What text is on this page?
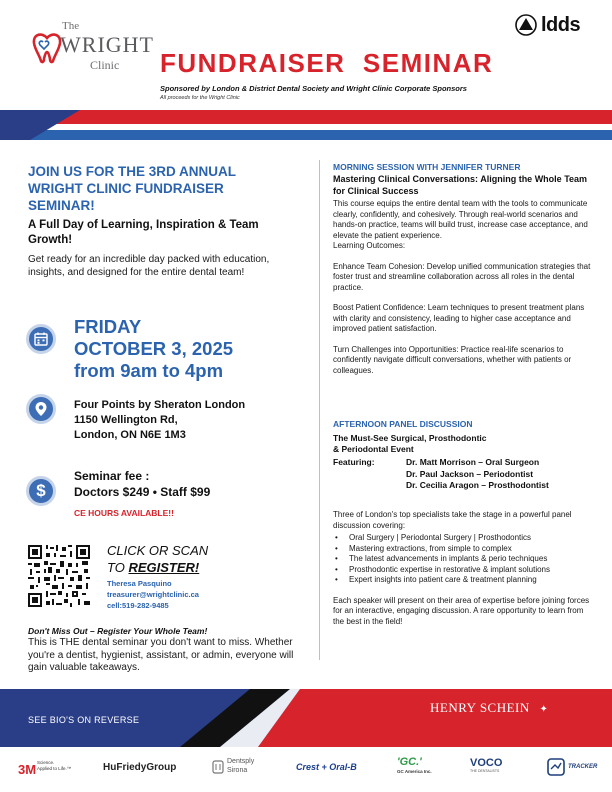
The
WRIGHT
Clinic FUNDRAISER  SEMINAR
ldds
Sponsored by London & District Dental Society and Wright Clinic Corporate Sponsors
All proceeds for the Wright Clinic
JOIN US FOR THE 3RD ANNUAL WRIGHT CLINIC FUNDRAISER SEMINAR!
A Full Day of Learning, Inspiration & Team Growth!
Get ready for an incredible day packed with education, insights, and designed for the entire dental team!
FRIDAY
OCTOBER 3, 2025
from 9am to 4pm
Four Points by Sheraton London
1150 Wellington Rd,
London, ON N6E 1M3
$
Seminar fee :
Doctors $249 • Staff $99
CE HOURS AVAILABLE!!
CLICK OR SCAN
TO REGISTER!
Theresa Pasquino
treasurer@wrightclinic.ca
cell:519-282-9485
Don't Miss Out – Register Your Whole Team!
This is THE dental seminar you don't want to miss. Whether you're a dentist, hygienist, assistant, or admin, everyone will gain valuable takeaways.
MORNING SESSION WITH JENNIFER TURNER
Mastering Clinical Conversations: Aligning the Whole Team for Clinical Success

This course equips the entire dental team with the tools to communicate clearly, confidently, and cohesively. Through real-world scenarios and hands-on practice, teams will build trust, increase case acceptance, and elevate the patient experience.

Learning Outcomes:

Enhance Team Cohesion: Develop unified communication strategies that foster trust and streamline collaboration across all roles in the dental practice.

Boost Patient Confidence: Learn techniques to present treatment plans with clarity and consistency, leading to higher case acceptance and improved patient satisfaction.

Turn Challenges into Opportunities: Practice real-life scenarios to confidently navigate difficult conversations, whether with patients or colleagues.

AFTERNOON PANEL DISCUSSION
The Must-See Surgical, Prosthodontic
& Periodontal Event
Featuring:	Dr. Matt Morrison – Oral Surgeon
Dr. Paul Jackson – Periodontist
Dr. Cecilia Aragon – Prosthodontist

Three of London's top specialists take the stage in a powerful panel discussion covering:

• Oral Surgery | Periodontal Surgery | Prosthodontics
• Mastering extractions, from simple to complex
• The latest advancements in implants & perio techniques
• Prosthodontic expertise in restorative & implant solutions
• Expert insights into patient care & treatment planning

Each speaker will present on their area of expertise before joining forces for an interactive, engaging discussion. A rare opportunity to learn from the best in the field!

SEE BIO'S ON REVERSE
HENRY SCHEIN ✦
3M Science.
Applied to Life.™	HuFriedyGroup
Dentsply
Sirona	Crest + Oral-B	'GC.'
GC America Inc.
VOCO
THE DENTALISTS
TRACKER
